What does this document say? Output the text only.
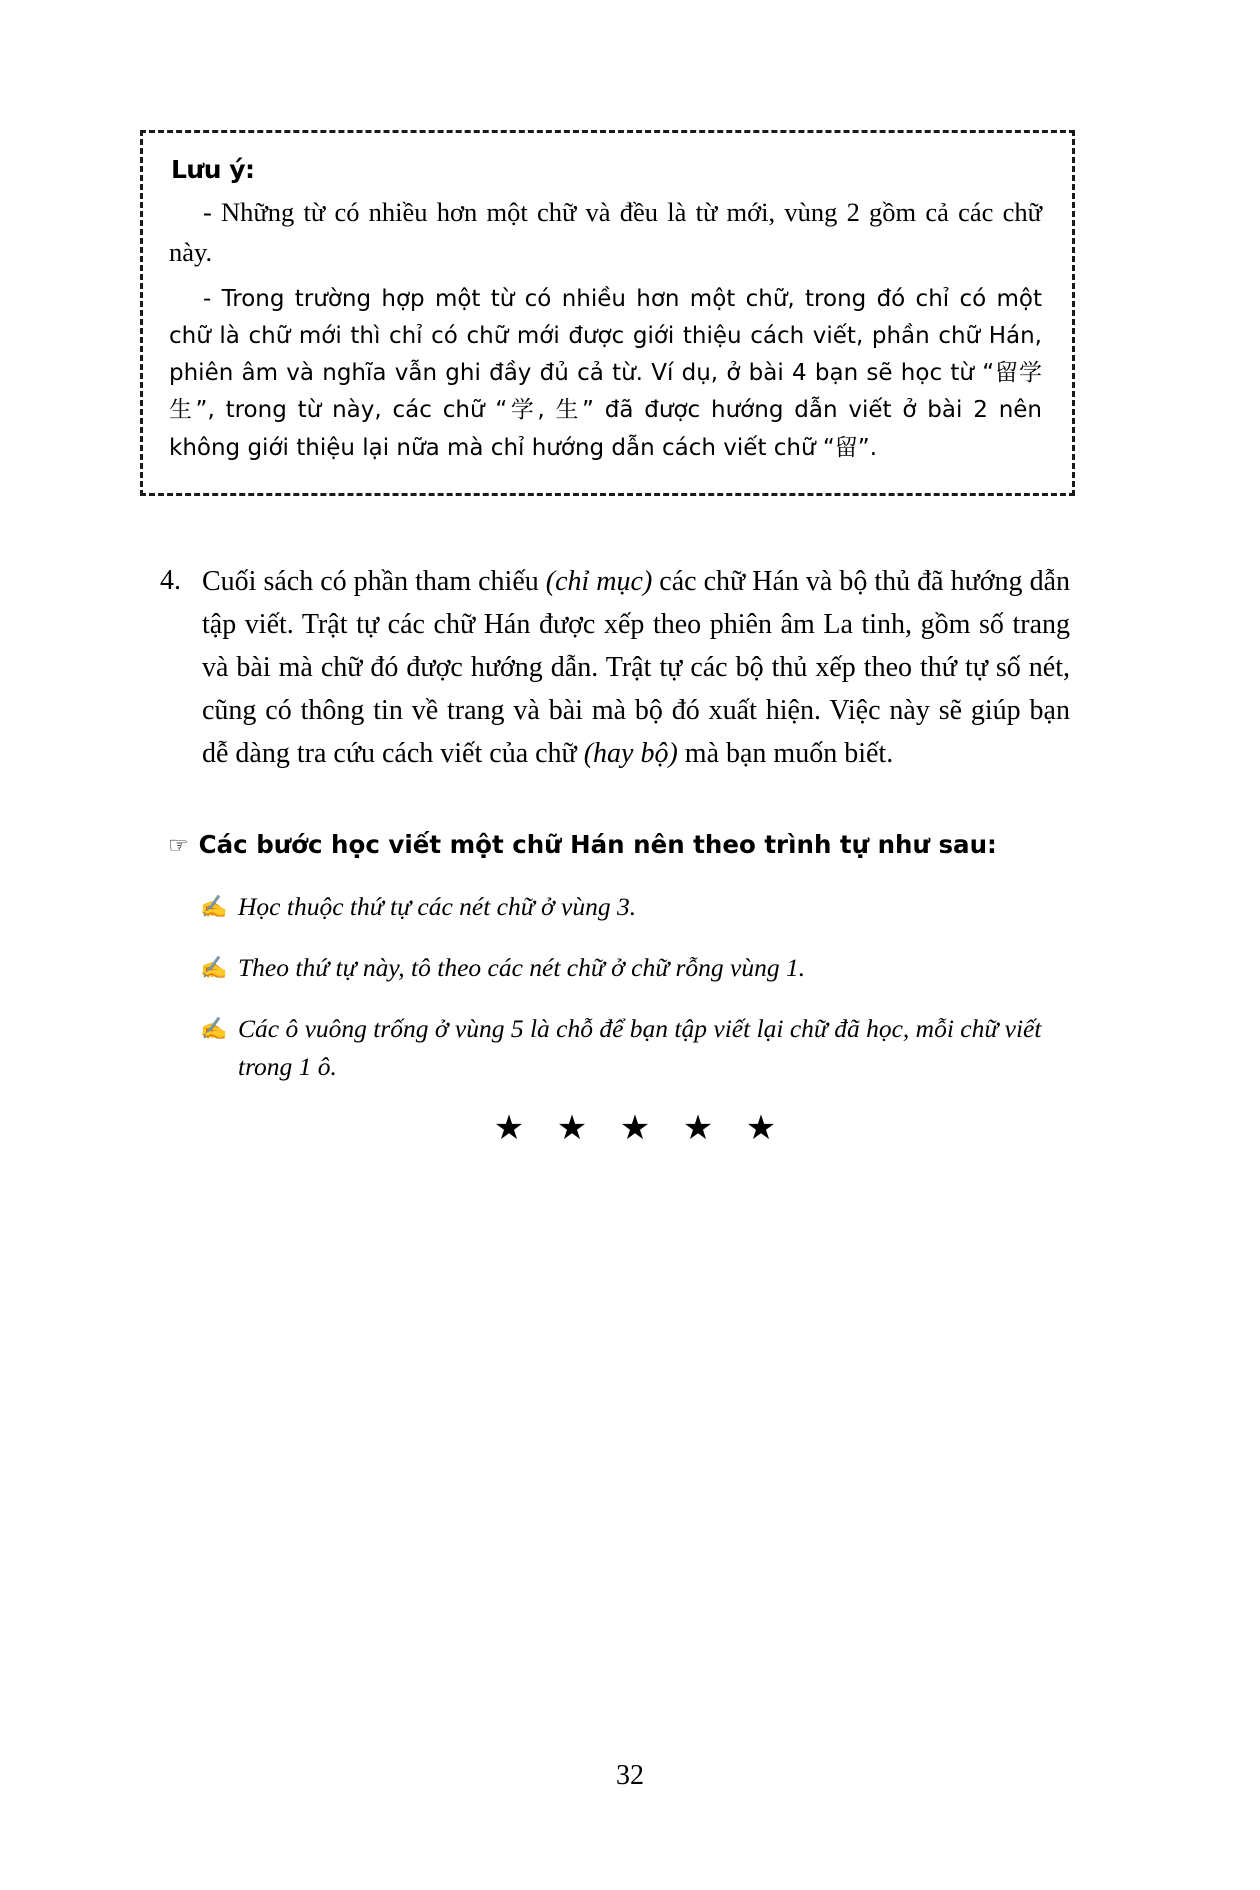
Lưu ý:

- Những từ có nhiều hơn một chữ và đều là từ mới, vùng 2 gồm cả các chữ này.

- Trong trường hợp một từ có nhiều hơn một chữ, trong đó chỉ có một chữ là chữ mới thì chỉ có chữ mới được giới thiệu cách viết, phần chữ Hán, phiên âm và nghĩa vẫn ghi đầy đủ cả từ. Ví dụ, ở bài 4 bạn sẽ học từ “留学生”, trong từ này, các chữ “学, 生” đã được hướng dẫn viết ở bài 2 nên không giới thiệu lại nữa mà chỉ hướng dẫn cách viết chữ “留”.

4. Cuối sách có phần tham chiếu (chỉ mục) các chữ Hán và bộ thủ đã hướng dẫn tập viết. Trật tự các chữ Hán được xếp theo phiên âm La tinh, gồm số trang và bài mà chữ đó được hướng dẫn. Trật tự các bộ thủ xếp theo thứ tự số nét, cũng có thông tin về trang và bài mà bộ đó xuất hiện. Việc này sẽ giúp bạn dễ dàng tra cứu cách viết của chữ (hay bộ) mà bạn muốn biết.
☞ Các bước học viết một chữ Hán nên theo trình tự như sau:
✍ Học thuộc thứ tự các nét chữ ở vùng 3.
✍ Theo thứ tự này, tô theo các nét chữ ở chữ rỗng vùng 1.
✍ Các ô vuông trống ở vùng 5 là chỗ để bạn tập viết lại chữ đã học, mỗi chữ viết trong 1 ô.
★ ★ ★ ★ ★
32
